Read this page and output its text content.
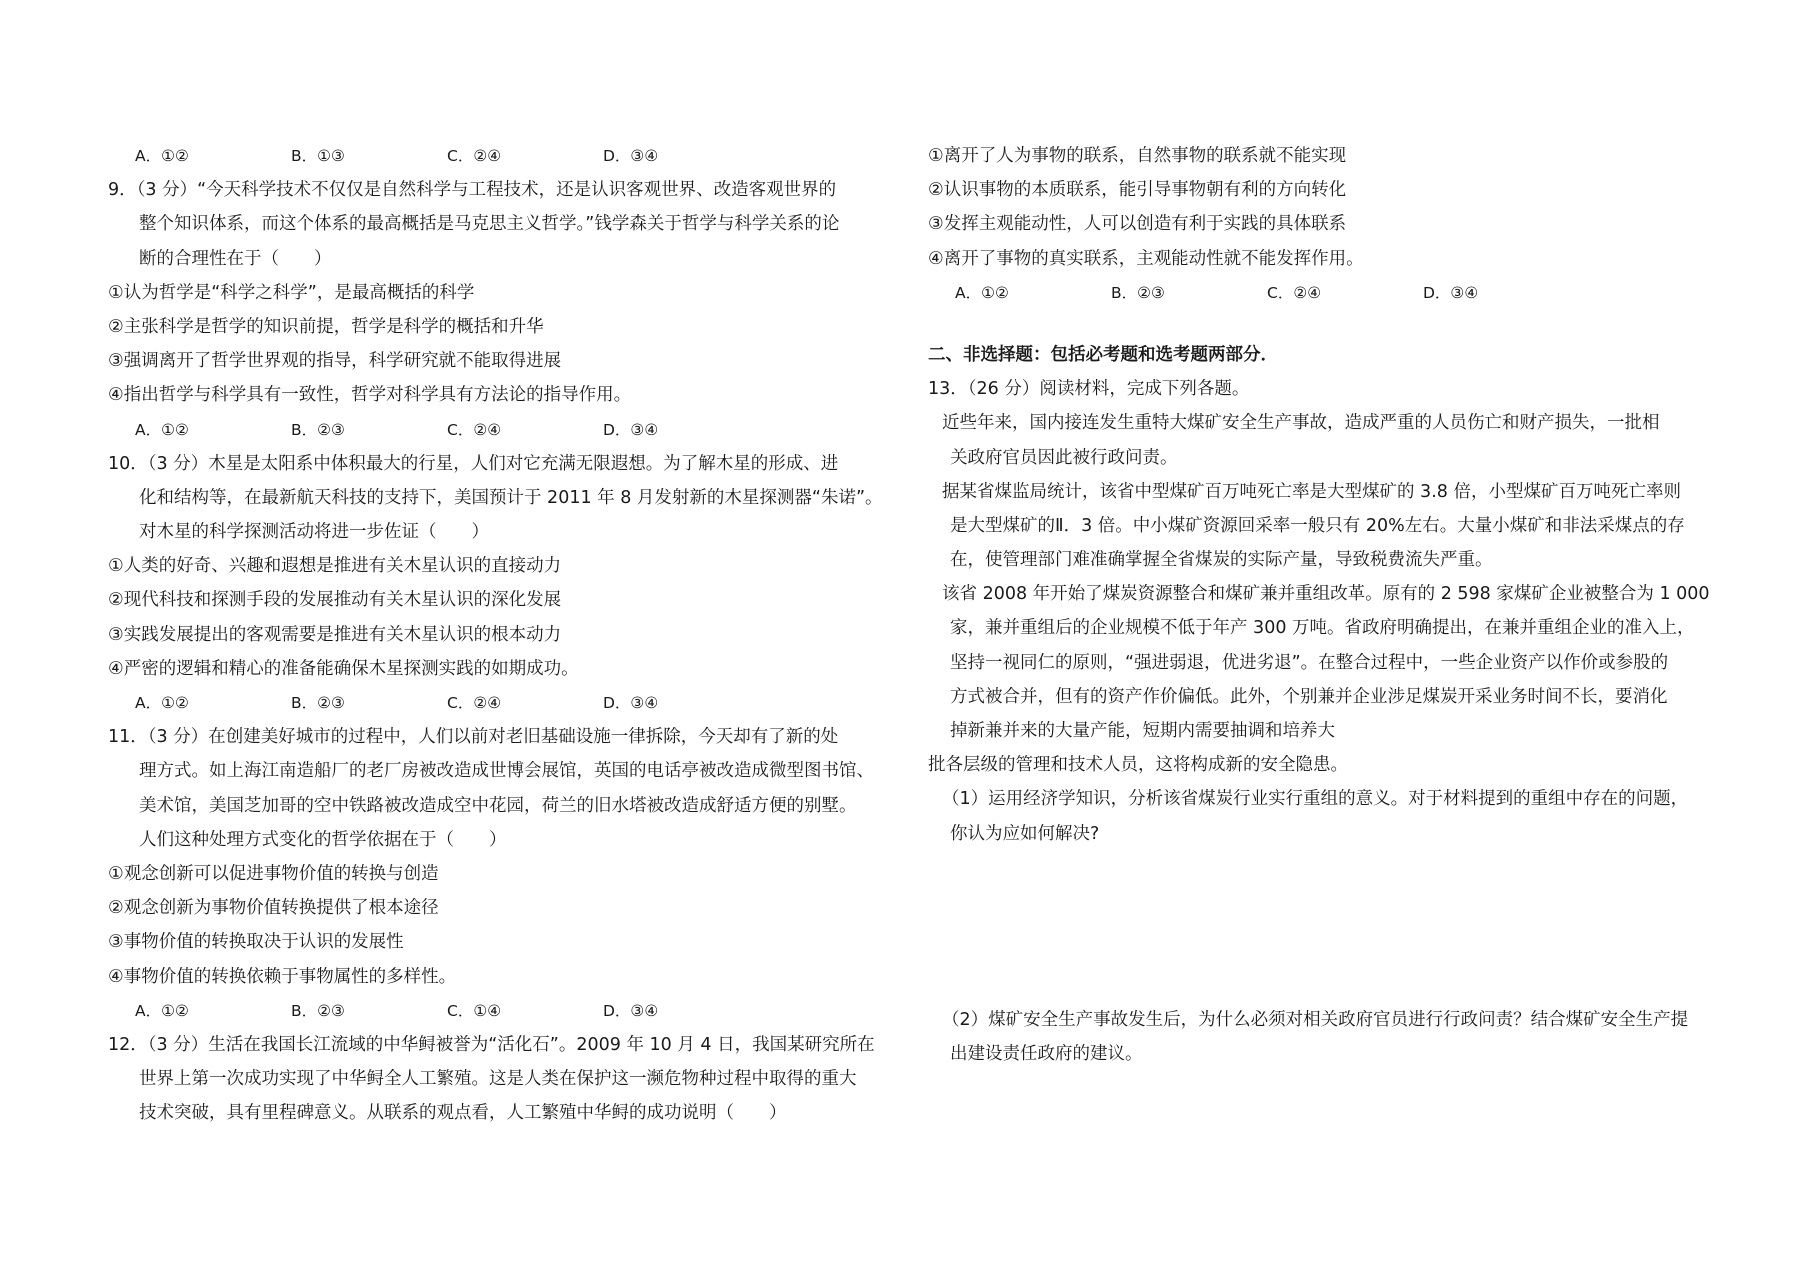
A．①②	B．①③	C．②④	D．③④
9．（3 分）“今天科学技术不仅仅是自然科学与工程技术，还是认识客观世界、改造客观世界的
整个知识体系，而这个体系的最高概括是马克思主义哲学。”钱学森关于哲学与科学关系的论
断的合理性在于（　　）
①认为哲学是“科学之科学”，是最高概括的科学
②主张科学是哲学的知识前提，哲学是科学的概括和升华
③强调离开了哲学世界观的指导，科学研究就不能取得进展
④指出哲学与科学具有一致性，哲学对科学具有方法论的指导作用。
A．①②	B．②③	C．②④	D．③④
10．（3 分）木星是太阳系中体积最大的行星，人们对它充满无限遐想。为了解木星的形成、进
化和结构等，在最新航天科技的支持下，美国预计于 2011 年 8 月发射新的木星探测器“朱诺”。
对木星的科学探测活动将进一步佐证（　　）
①人类的好奇、兴趣和遐想是推进有关木星认识的直接动力
②现代科技和探测手段的发展推动有关木星认识的深化发展
③实践发展提出的客观需要是推进有关木星认识的根本动力
④严密的逻辑和精心的准备能确保木星探测实践的如期成功。
A．①②	B．②③	C．②④	D．③④
11．（3 分）在创建美好城市的过程中，人们以前对老旧基础设施一律拆除，今天却有了新的处
理方式。如上海江南造船厂的老厂房被改造成世博会展馆，英国的电话亭被改造成微型图书馆、
美术馆，美国芝加哥的空中铁路被改造成空中花园，荷兰的旧水塔被改造成舒适方便的别墅。
人们这种处理方式变化的哲学依据在于（　　）
①观念创新可以促进事物价值的转换与创造
②观念创新为事物价值转换提供了根本途径
③事物价值的转换取决于认识的发展性
④事物价值的转换依赖于事物属性的多样性。
A．①②	B．②③	C．①④	D．③④
12．（3 分）生活在我国长江流域的中华鲟被誉为“活化石”。2009 年 10 月 4 日，我国某研究所在
世界上第一次成功实现了中华鲟全人工繁殖。这是人类在保护这一濒危物种过程中取得的重大
技术突破，具有里程碑意义。从联系的观点看，人工繁殖中华鲟的成功说明（　　）
①离开了人为事物的联系，自然事物的联系就不能实现
②认识事物的本质联系，能引导事物朝有利的方向转化
③发挥主观能动性，人可以创造有利于实践的具体联系
④离开了事物的真实联系，主观能动性就不能发挥作用。
A．①②	B．②③	C．②④	D．③④
二、非选择题：包括必考题和选考题两部分．
13．（26 分）阅读材料，完成下列各题。
近些年来，国内接连发生重特大煤矿安全生产事故，造成严重的人员伤亡和财产损失，一批相
关政府官员因此被行政问责。
据某省煤监局统计，该省中型煤矿百万吨死亡率是大型煤矿的 3.8 倍，小型煤矿百万吨死亡率则
是大型煤矿的Ⅱ．3 倍。中小煤矿资源回采率一般只有 20%左右。大量小煤矿和非法采煤点的存
在，使管理部门难准确掌握全省煤炭的实际产量，导致税费流失严重。
该省 2008 年开始了煤炭资源整合和煤矿兼并重组改革。原有的 2 598 家煤矿企业被整合为 1 000
家，兼并重组后的企业规模不低于年产 300 万吨。省政府明确提出，在兼并重组企业的准入上，
坚持一视同仁的原则，“强进弱退，优进劣退”。在整合过程中，一些企业资产以作价或参股的
方式被合并，但有的资产作价偏低。此外，个别兼并企业涉足煤炭开采业务时间不长，要消化
掉新兼并来的大量产能，短期内需要抽调和培养大
批各层级的管理和技术人员，这将构成新的安全隐患。
（1）运用经济学知识，分析该省煤炭行业实行重组的意义。对于材料提到的重组中存在的问题，
你认为应如何解决?
（2）煤矿安全生产事故发生后，为什么必须对相关政府官员进行行政问责？结合煤矿安全生产提
出建设责任政府的建议。
